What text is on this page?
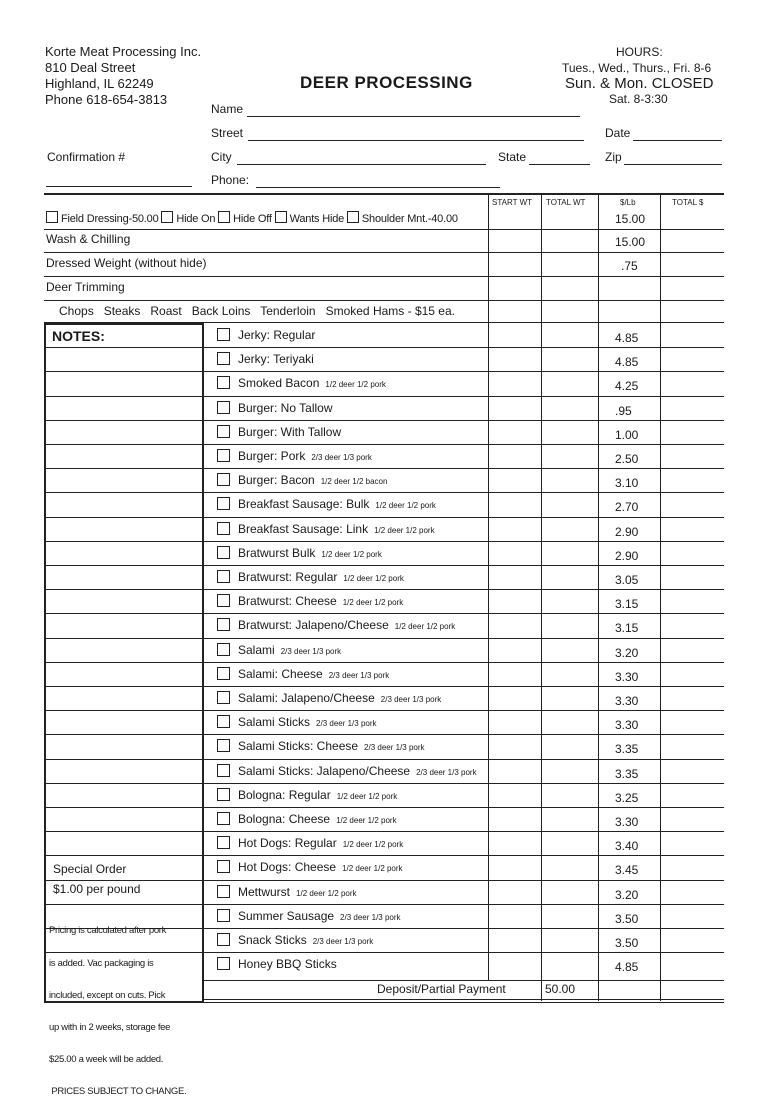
Korte Meat Processing Inc.
810 Deal Street
Highland, IL 62249
Phone 618-654-3813
DEER PROCESSING
HOURS:
Tues., Wed., Thurs., Fri. 8-6
Sun. & Mon. CLOSED
Sat. 8-3:30
Name
Street	Date
Confirmation #	City	State	Zip
Phone:
START WT TOTAL WT	$/Lb	TOTAL $
Field Dressing-50.00 Hide On Hide Off Wants Hide Shoulder Mnt.-40.00	15.00
Wash & Chilling	15.00
Dressed Weight (without hide)	.75
Deer Trimming
Chops   Steaks   Roast   Back Loins   Tenderloin   Smoked Hams - $15 ea.
NOTES:	Jerky: Regular	4.85
Jerky: Teriyaki	4.85
Smoked Bacon 1/2 deer 1/2 pork	4.25
Burger: No Tallow	.95
Burger: With Tallow	1.00
Burger: Pork 2/3 deer 1/3 pork	2.50
Burger: Bacon 1/2 deer 1/2 bacon	3.10
Breakfast Sausage: Bulk 1/2 deer 1/2 pork	2.70
Breakfast Sausage: Link 1/2 deer 1/2 pork	2.90
Bratwurst Bulk 1/2 deer 1/2 pork	2.90
Bratwurst: Regular 1/2 deer 1/2 pork	3.05
Bratwurst: Cheese 1/2 deer 1/2 pork	3.15
Bratwurst: Jalapeno/Cheese 1/2 deer 1/2 pork	3.15
Salami 2/3 deer 1/3 pork	3.20
Salami: Cheese 2/3 deer 1/3 pork	3.30
Salami: Jalapeno/Cheese 2/3 deer 1/3 pork	3.30
Salami Sticks 2/3 deer 1/3 pork	3.30
Salami Sticks: Cheese 2/3 deer 1/3 pork	3.35
Salami Sticks: Jalapeno/Cheese 2/3 deer 1/3 pork	3.35
Bologna: Regular 1/2 deer 1/2 pork	3.25
Bologna: Cheese 1/2 deer 1/2 pork	3.30
Hot Dogs: Regular 1/2 deer 1/2 pork	3.40
Hot Dogs: Cheese 1/2 deer 1/2 pork	3.45
Mettwurst 1/2 deer 1/2 pork	3.20
Summer Sausage 2/3 deer 1/3 pork	3.50
Snack Sticks 2/3 deer 1/3 pork	3.50
Honey BBQ Sticks	4.85
Special Order
$1.00 per pound

Pricing is calculated after pork

is added. Vac packaging is

included, except on cuts. Pick

up with in 2 weeks, storage fee

$25.00 a week will be added.

PRICES SUBJECT TO CHANGE.

Deposit/Partial Payment	50.00
